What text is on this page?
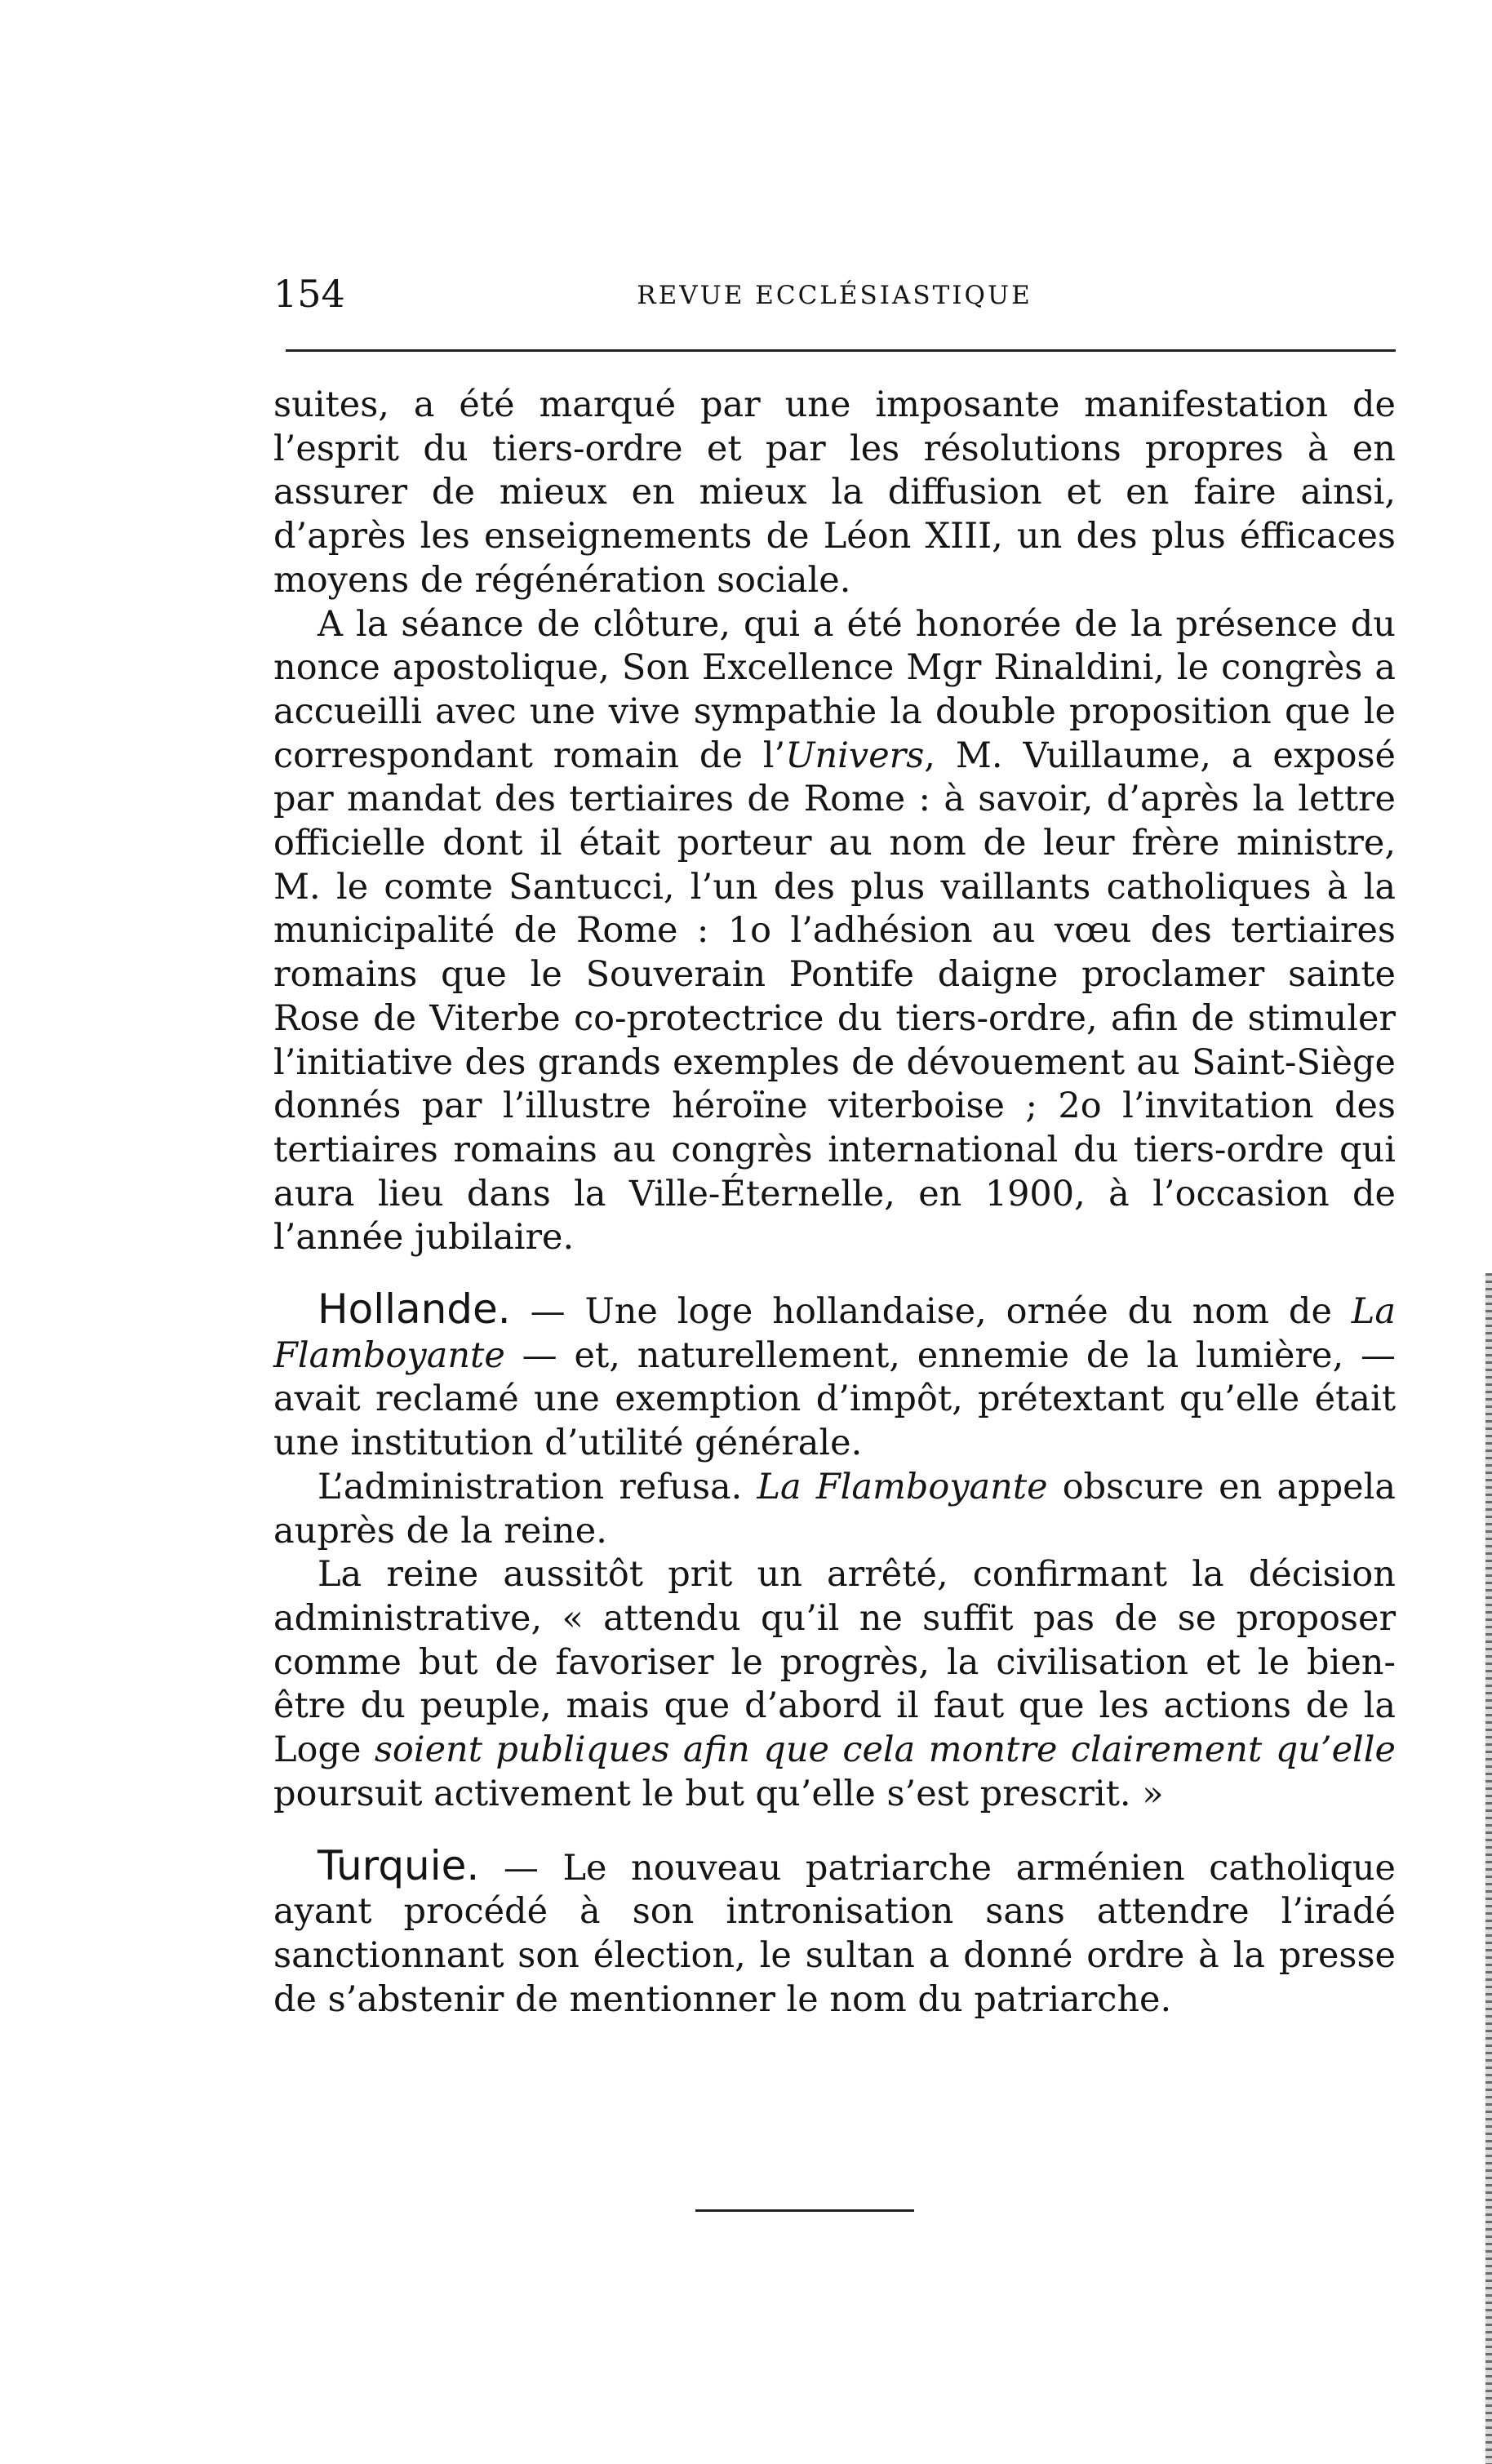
154	REVUE ECCLÉSIASTIQUE

suites, a été marqué par une imposante manifestation de l’esprit du tiers-ordre et par les résolutions propres à en assurer de mieux en mieux la diffusion et en faire ainsi, d’après les enseignements de Léon XIII, un des plus éfficaces moyens de régénération sociale.

A la séance de clôture, qui a été honorée de la présence du nonce apostolique, Son Excellence Mgr Rinaldini, le congrès a accueilli avec une vive sympathie la double proposition que le correspondant romain de l’Univers, M. Vuillaume, a exposé par mandat des tertiaires de Rome : à savoir, d’après la lettre officielle dont il était porteur au nom de leur frère ministre, M. le comte Santucci, l’un des plus vaillants catholiques à la municipalité de Rome : 1o l’adhésion au vœu des tertiaires romains que le Souverain Pontife daigne proclamer sainte Rose de Viterbe co-protectrice du tiers-ordre, afin de stimuler l’initiative des grands exemples de dévouement au Saint-Siège donnés par l’illustre héroïne viterboise ; 2o l’invitation des tertiaires romains au congrès international du tiers-ordre qui aura lieu dans la Ville-Éternelle, en 1900, à l’occasion de l’année jubilaire.

Hollande. — Une loge hollandaise, ornée du nom de La Flamboyante — et, naturellement, ennemie de la lumière, — avait reclamé une exemption d’impôt, prétextant qu’elle était une institution d’utilité générale.

L’administration refusa. La Flamboyante obscure en appela auprès de la reine.

La reine aussitôt prit un arrêté, confirmant la décision administrative, « attendu qu’il ne suffit pas de se proposer comme but de favoriser le progrès, la civilisation et le bien-être du peuple, mais que d’abord il faut que les actions de la Loge soient publiques afin que cela montre clairement qu’elle poursuit activement le but qu’elle s’est prescrit. »

Turquie. — Le nouveau patriarche arménien catholique ayant procédé à son intronisation sans attendre l’iradé sanctionnant son élection, le sultan a donné ordre à la presse de s’abstenir de mentionner le nom du patriarche.
